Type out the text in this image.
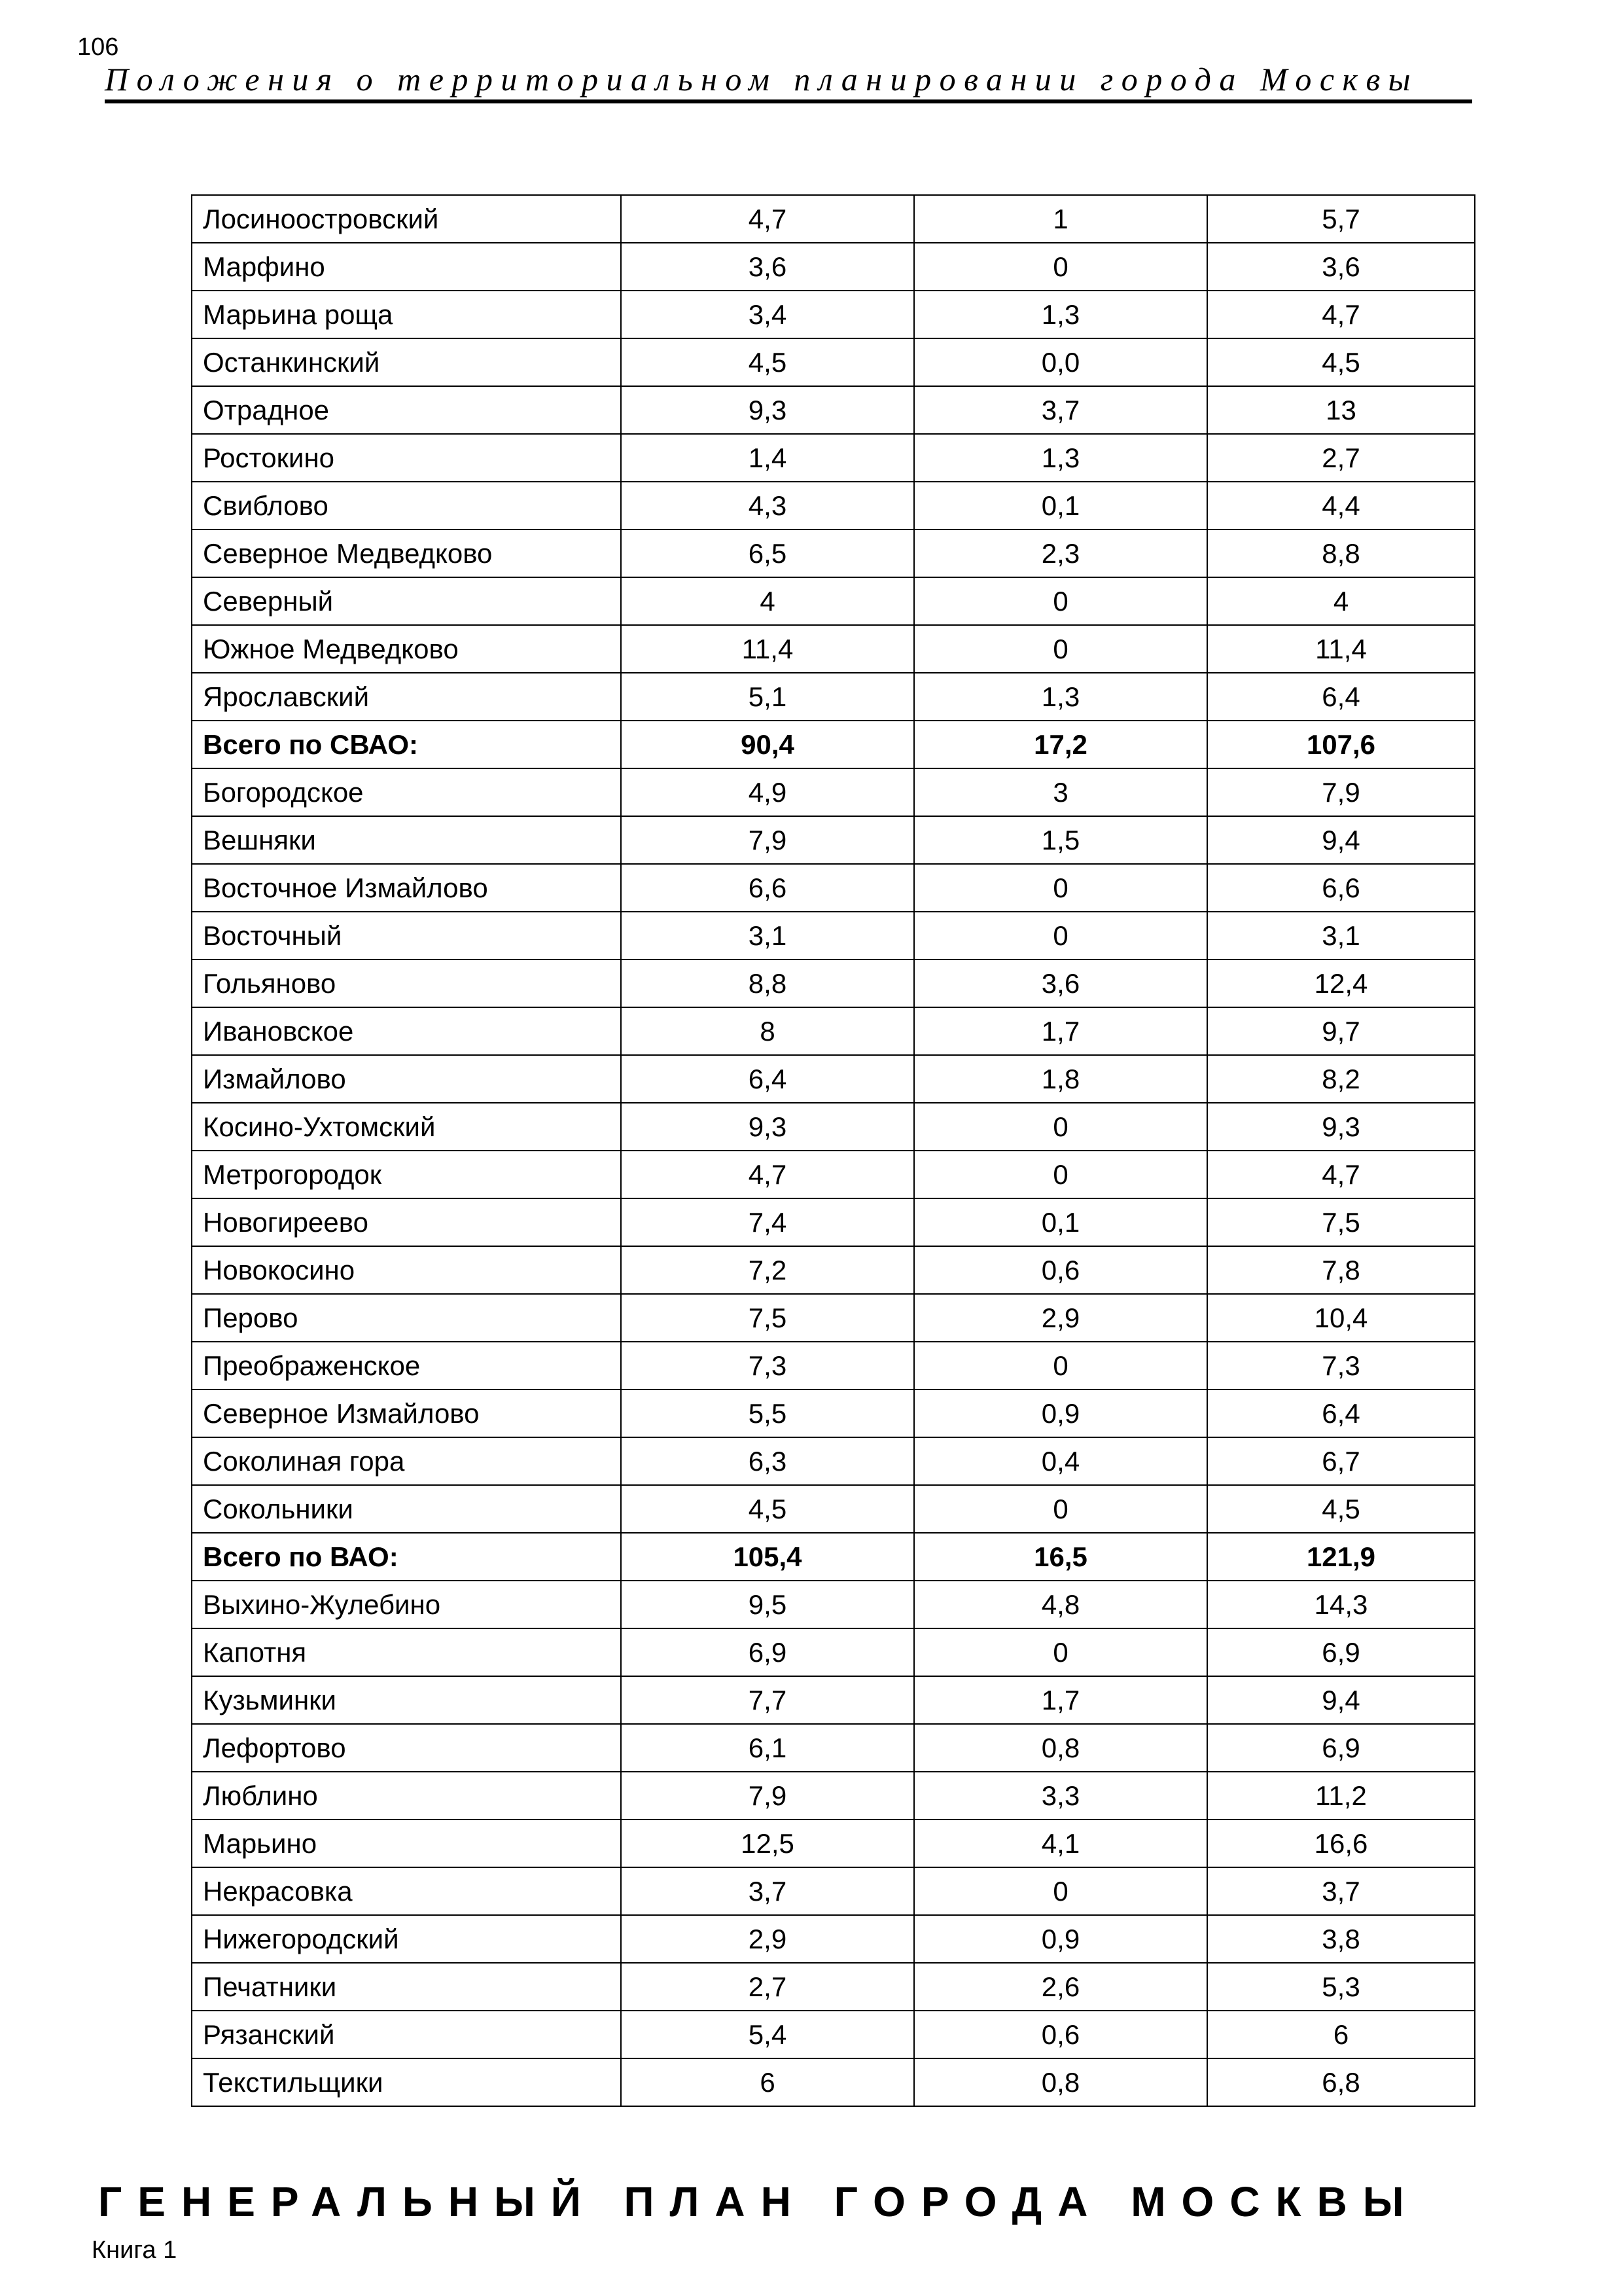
106
Положения о территориальном планировании города Москвы
Лосиноостровский	4,7	1	5,7
Марфино	3,6	0	3,6
Марьина роща	3,4	1,3	4,7
Останкинский	4,5	0,0	4,5
Отрадное	9,3	3,7	13
Ростокино	1,4	1,3	2,7
Свиблово	4,3	0,1	4,4
Северное Медведково	6,5	2,3	8,8
Северный	4	0	4
Южное Медведково	11,4	0	11,4
Ярославский	5,1	1,3	6,4
Всего по СВАО:	90,4	17,2	107,6
Богородское	4,9	3	7,9
Вешняки	7,9	1,5	9,4
Восточное Измайлово	6,6	0	6,6
Восточный	3,1	0	3,1
Гольяново	8,8	3,6	12,4
Ивановское	8	1,7	9,7
Измайлово	6,4	1,8	8,2
Косино-Ухтомский	9,3	0	9,3
Метрогородок	4,7	0	4,7
Новогиреево	7,4	0,1	7,5
Новокосино	7,2	0,6	7,8
Перово	7,5	2,9	10,4
Преображенское	7,3	0	7,3
Северное Измайлово	5,5	0,9	6,4
Соколиная гора	6,3	0,4	6,7
Сокольники	4,5	0	4,5
Всего по ВАО:	105,4	16,5	121,9
Выхино-Жулебино	9,5	4,8	14,3
Капотня	6,9	0	6,9
Кузьминки	7,7	1,7	9,4
Лефортово	6,1	0,8	6,9
Люблино	7,9	3,3	11,2
Марьино	12,5	4,1	16,6
Некрасовка	3,7	0	3,7
Нижегородский	2,9	0,9	3,8
Печатники	2,7	2,6	5,3
Рязанский	5,4	0,6	6
Текстильщики	6	0,8	6,8
ГЕНЕРАЛЬНЫЙ ПЛАН ГОРОДА МОСКВЫ
Книга 1
